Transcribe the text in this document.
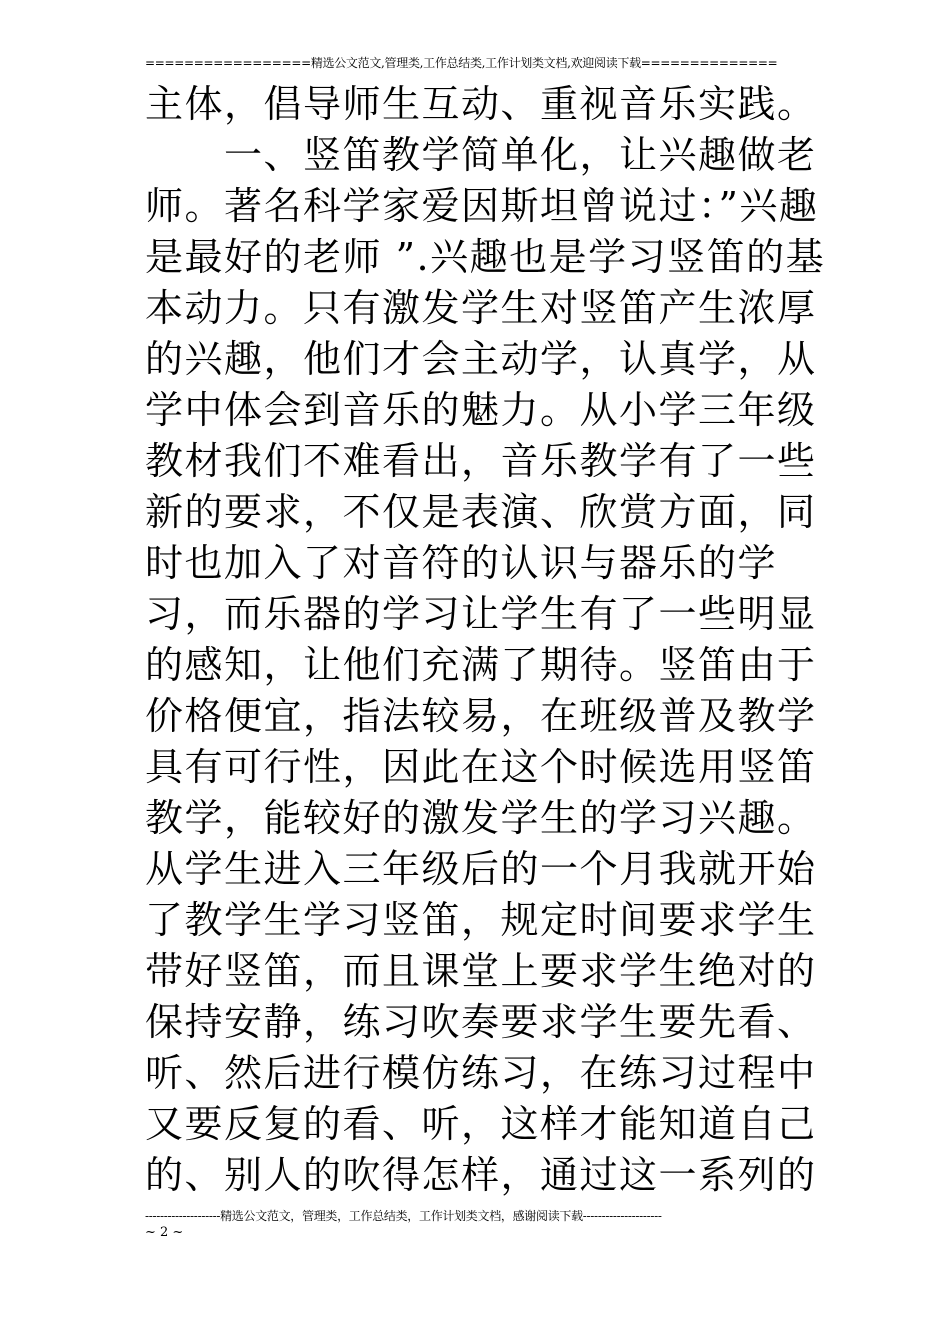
=================精选公文范文,管理类,工作总结类,工作计划类文档,欢迎阅读下载==============
主体，倡导师生互动、重视音乐实践。
　　一、竖笛教学简单化，让兴趣做老
师。著名科学家爱因斯坦曾说过：”兴趣
是最好的老师 ”.兴趣也是学习竖笛的基
本动力。只有激发学生对竖笛产生浓厚
的兴趣，他们才会主动学，认真学，从
学中体会到音乐的魅力。从小学三年级
教材我们不难看出，音乐教学有了一些
新的要求，不仅是表演、欣赏方面，同
时也加入了对音符的认识与器乐的学
习，而乐器的学习让学生有了一些明显
的感知，让他们充满了期待。竖笛由于
价格便宜，指法较易，在班级普及教学
具有可行性，因此在这个时候选用竖笛
教学，能较好的激发学生的学习兴趣。
从学生进入三年级后的一个月我就开始
了教学生学习竖笛，规定时间要求学生
带好竖笛，而且课堂上要求学生绝对的
保持安静，练习吹奏要求学生要先看、
听、然后进行模仿练习，在练习过程中
又要反复的看、听，这样才能知道自己
的、别人的吹得怎样，通过这一系列的
--------------------精选公文范文，管理类，工作总结类，工作计划类文档，感谢阅读下载---------------------
~ 2 ~
